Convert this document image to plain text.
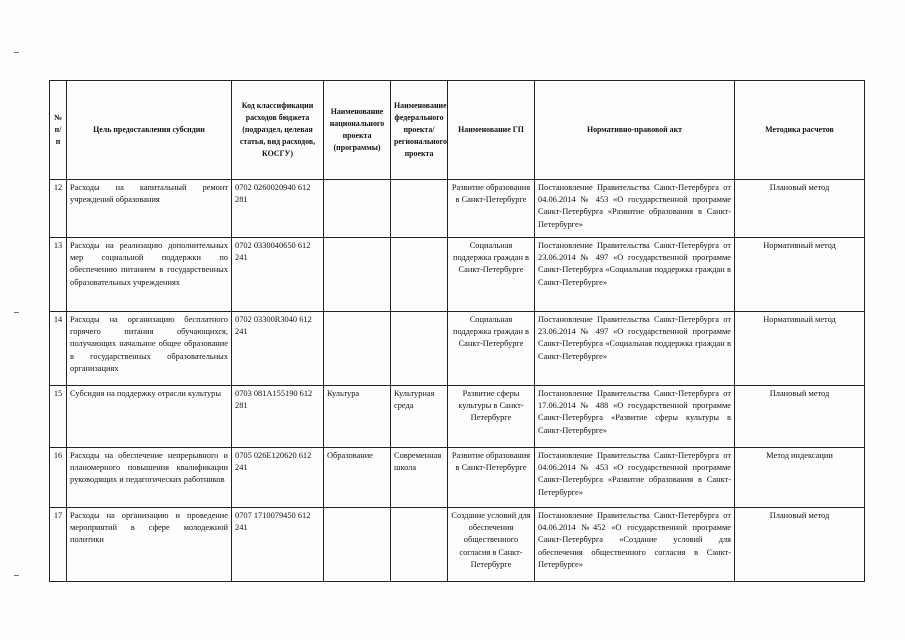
№ п/п	Цель предоставления субсидии	Код классификации расходов бюджета (подраздел, целевая статья, вид расходов, КОСГУ)	Наименование национального проекта (программы)	Наименование федерального проекта/ регионального проекта	Наименование ГП	Нормативно-правовой акт	Методика расчетов
12	Расходы на капитальный ремонт учреждений образования	0702 0260020940 612 281			Развитие образования в Санкт-Петербурге	Постановление Правительства Санкт-Петербурга от 04.06.2014 № 453 «О государственной программе Санкт-Петербурга «Развитие образования в Санкт-Петербурге»	Плановый метод
13	Расходы на реализацию дополнительных мер социальной поддержки по обеспечению питанием в государственных образовательных учреждениях	0702 0330040650 612 241			Социальная поддержка граждан в Санкт-Петербурге	Постановление Правительства Санкт-Петербурга от 23.06.2014 № 497 «О государственной программе Санкт-Петербурга «Социальная поддержка граждан в Санкт-Петербурге»	Нормативный метод
14	Расходы на организацию бесплатного горячего питания обучающихся, получающих начальное общее образование в государственных образовательных организациях	0702 03300R3040 612 241			Социальная поддержка граждан в Санкт-Петербурге	Постановление Правительства Санкт-Петербурга от 23.06.2014 № 497 «О государственной программе Санкт-Петербурга «Социальная поддержка граждан в Санкт-Петербурге»	Нормативный метод
15	Субсидия на поддержку отрасли культуры	0703 081A155190 612 281	Культура	Культурная среда	Развитие сферы культуры в Санкт-Петербурге	Постановление Правительства Санкт-Петербурга от 17.06.2014 № 488 «О государственной программе Санкт-Петербурга «Развитие сферы культуры в Санкт-Петербурге»	Плановый метод
16	Расходы на обеспечение непрерывного и планомерного повышения квалификации руководящих и педагогических работников	0705 026E120620 612 241	Образование	Современная школа	Развитие образования в Санкт-Петербурге	Постановление Правительства Санкт-Петербурга от 04.06.2014 № 453 «О государственной программе Санкт-Петербурга «Развитие образования в Санкт-Петербурге»	Метод индексации
17	Расходы на организацию и проведение мероприятий в сфере молодежной политики	0707 1710079450 612 241			Создание условий для обеспечения общественного согласия в Санкт-Петербурге	Постановление Правительства Санкт-Петербурга от 04.06.2014 №452 «О государственной программе Санкт-Петербурга «Создание условий для обеспечения общественного согласия в Санкт-Петербурге»	Плановый метод
